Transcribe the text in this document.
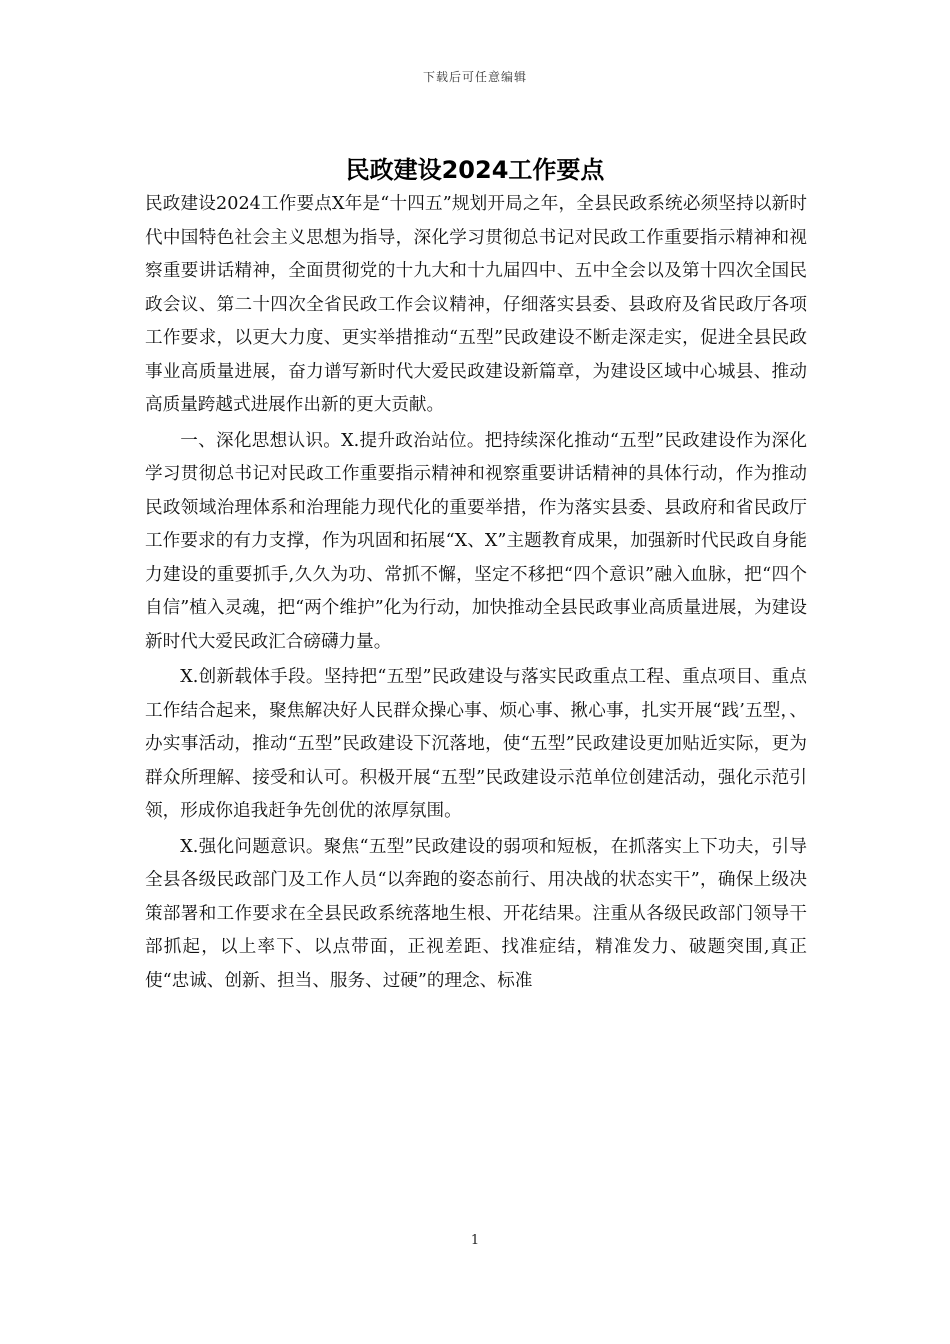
下载后可任意编辑
民政建设2024工作要点

民政建设2024工作要点X年是“十四五”规划开局之年，全县民政系统必须坚持以新时代中国特色社会主义思想为指导，深化学习贯彻总书记对民政工作重要指示精神和视察重要讲话精神，全面贯彻党的十九大和十九届四中、五中全会以及第十四次全国民政会议、第二十四次全省民政工作会议精神，仔细落实县委、县政府及省民政厅各项工作要求，以更大力度、更实举措推动“五型”民政建设不断走深走实，促进全县民政事业高质量进展，奋力谱写新时代大爱民政建设新篇章，为建设区域中心城县、推动高质量跨越式进展作出新的更大贡献。

一、深化思想认识。X.提升政治站位。把持续深化推动“五型”民政建设作为深化学习贯彻总书记对民政工作重要指示精神和视察重要讲话精神的具体行动，作为推动民政领域治理体系和治理能力现代化的重要举措，作为落实县委、县政府和省民政厅工作要求的有力支撑，作为巩固和拓展“X、X”主题教育成果，加强新时代民政自身能力建设的重要抓手,久久为功、常抓不懈，坚定不移把“四个意识”融入血脉，把“四个自信”植入灵魂，把“两个维护”化为行动，加快推动全县民政事业高质量进展，为建设新时代大爱民政汇合磅礴力量。

X.创新载体手段。坚持把“五型”民政建设与落实民政重点工程、重点项目、重点工作结合起来，聚焦解决好人民群众操心事、烦心事、揪心事，扎实开展“践’五型，、办实事活动，推动“五型”民政建设下沉落地，使“五型”民政建设更加贴近实际，更为群众所理解、接受和认可。积极开展“五型”民政建设示范单位创建活动，强化示范引领，形成你追我赶争先创优的浓厚氛围。

X.强化问题意识。聚焦“五型”民政建设的弱项和短板，在抓落实上下功夫，引导全县各级民政部门及工作人员“以奔跑的姿态前行、用决战的状态实干”，确保上级决策部署和工作要求在全县民政系统落地生根、开花结果。注重从各级民政部门领导干部抓起，以上率下、以点带面，正视差距、找准症结，精准发力、破题突围,真正使“忠诚、创新、担当、服务、过硬”的理念、标准

1
